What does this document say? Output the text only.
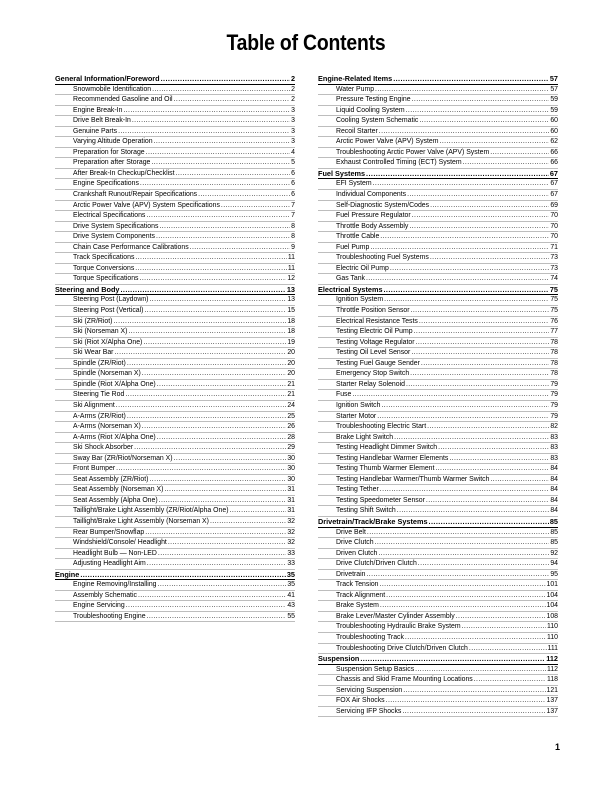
Table of Contents
General Information/Foreword .....	2
Snowmobile Identification .....	2
Recommended Gasoline and Oil .....	2
Engine Break-In .....	3
Drive Belt Break-In .....	3
Genuine Parts .....	3
Varying Altitude Operation .....	3
Preparation for Storage .....	4
Preparation after Storage .....	5
After Break-In Checkup/Checklist .....	6
Engine Specifications .....	6
Crankshaft Runout/Repair Specifications .....	6
Arctic Power Valve (APV) System Specifications .....	7
Electrical Specifications .....	7
Drive System Specifications .....	8
Drive System Components .....	8
Chain Case Performance Calibrations .....	9
Track Specifications .....	11
Torque Conversions .....	11
Torque Specifications .....	12
Steering and Body .....	13
Steering Post (Laydown) .....	13
Steering Post (Vertical) .....	15
Ski (ZR/Riot) .....	18
Ski (Norseman X) .....	18
Ski (Riot X/Alpha One) .....	19
Ski Wear Bar .....	20
Spindle (ZR/Riot) .....	20
Spindle (Norseman X) .....	20
Spindle (Riot X/Alpha One) .....	21
Steering Tie Rod .....	21
Ski Alignment .....	24
A-Arms (ZR/Riot) .....	25
A-Arms (Norseman X) .....	26
A-Arms (Riot X/Alpha One) .....	28
Ski Shock Absorber .....	29
Sway Bar (ZR/Riot/Norseman X) .....	30
Front Bumper .....	30
Seat Assembly (ZR/Riot) .....	30
Seat Assembly (Norseman X) .....	31
Seat Assembly (Alpha One) .....	31
Taillight/Brake Light Assembly (ZR/Riot/Alpha One) .....	31
Taillight/Brake Light Assembly (Norseman X) .....	32
Rear Bumper/Snowflap .....	32
Windshield/Console/ Headlight .....	32
Headlight Bulb — Non-LED .....	33
Adjusting Headlight Aim .....	33
Engine .....	35
Engine Removing/Installing .....	35
Assembly Schematic .....	41
Engine Servicing .....	43
Troubleshooting Engine .....	55
Engine-Related Items .....	57
Water Pump .....	57
Pressure Testing Engine .....	59
Liquid Cooling System .....	59
Cooling System Schematic .....	60
Recoil Starter .....	60
Arctic Power Valve (APV) System .....	62
Troubleshooting Arctic Power Valve (APV) System .....	66
Exhaust Controlled Timing (ECT) System .....	66
Fuel Systems .....	67
EFI System .....	67
Individual Components .....	67
Self-Diagnostic System/Codes .....	69
Fuel Pressure Regulator .....	70
Throttle Body Assembly .....	70
Throttle Cable .....	70
Fuel Pump .....	71
Troubleshooting Fuel Systems .....	73
Electric Oil Pump .....	73
Gas Tank .....	74
Electrical Systems .....	75
Ignition System .....	75
Throttle Position Sensor .....	75
Electrical Resistance Tests .....	76
Testing Electric Oil Pump .....	77
Testing Voltage Regulator .....	78
Testing Oil Level Sensor .....	78
Testing Fuel Gauge Sender .....	78
Emergency Stop Switch .....	78
Starter Relay Solenoid .....	79
Fuse .....	79
Ignition Switch .....	79
Starter Motor .....	79
Troubleshooting Electric Start .....	82
Brake Light Switch .....	83
Testing Headlight Dimmer Switch .....	83
Testing Handlebar Warmer Elements .....	83
Testing Thumb Warmer Element .....	84
Testing Handlebar Warmer/Thumb Warmer Switch .....	84
Testing Tether .....	84
Testing Speedometer Sensor .....	84
Testing Shift Switch .....	84
Drivetrain/Track/Brake Systems .....	85
Drive Belt .....	85
Drive Clutch .....	85
Driven Clutch .....	92
Drive Clutch/Driven Clutch .....	94
Drivetrain .....	95
Track Tension .....	101
Track Alignment .....	104
Brake System .....	104
Brake Lever/Master Cylinder Assembly .....	108
Troubleshooting Hydraulic Brake System .....	110
Troubleshooting Track .....	110
Troubleshooting Drive Clutch/Driven Clutch .....	111
Suspension .....	112
Suspension Setup Basics .....	112
Chassis and Skid Frame Mounting Locations .....	118
Servicing Suspension .....	121
FOX Air Shocks .....	137
Servicing IFP Shocks .....	137
1
